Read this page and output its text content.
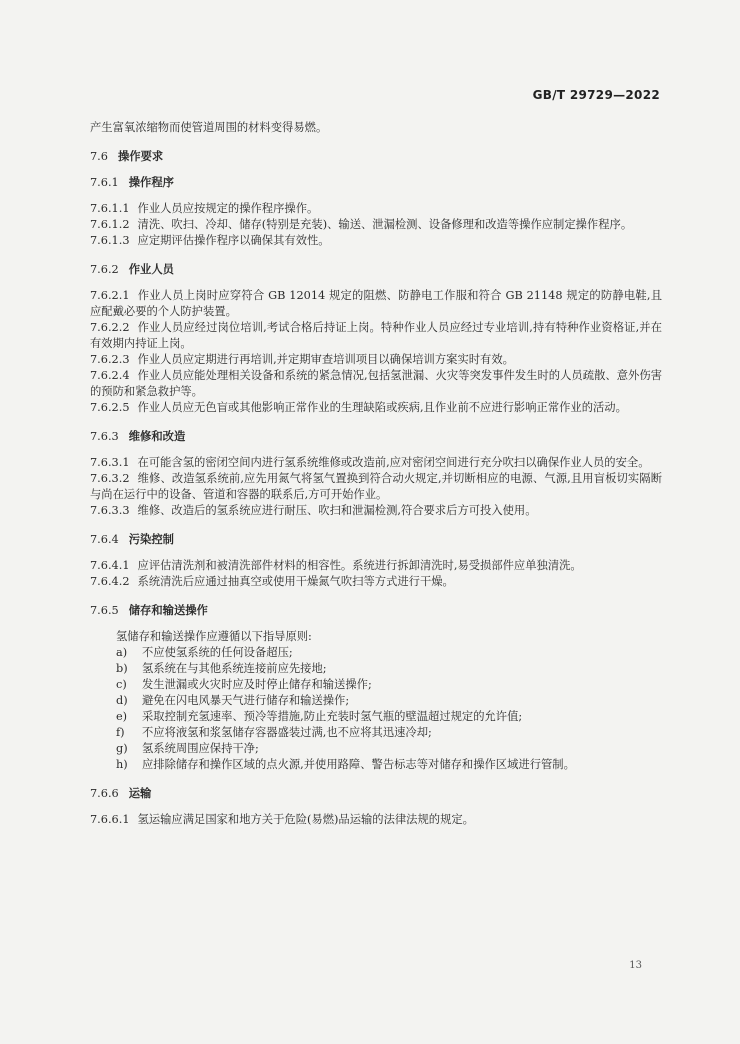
GB/T 29729—2022

产生富氧浓缩物而使管道周围的材料变得易燃。

7.6 操作要求

7.6.1 操作程序

7.6.1.1 作业人员应按规定的操作程序操作。

7.6.1.2 清洗、吹扫、冷却、储存(特别是充装)、输送、泄漏检测、设备修理和改造等操作应制定操作程序。

7.6.1.3 应定期评估操作程序以确保其有效性。

7.6.2 作业人员

7.6.2.1 作业人员上岗时应穿符合 GB 12014 规定的阻燃、防静电工作服和符合 GB 21148 规定的防静电鞋,且应配戴必要的个人防护装置。

7.6.2.2 作业人员应经过岗位培训,考试合格后持证上岗。特种作业人员应经过专业培训,持有特种作业资格证,并在有效期内持证上岗。

7.6.2.3 作业人员应定期进行再培训,并定期审查培训项目以确保培训方案实时有效。

7.6.2.4 作业人员应能处理相关设备和系统的紧急情况,包括氢泄漏、火灾等突发事件发生时的人员疏散、意外伤害的预防和紧急救护等。

7.6.2.5 作业人员应无色盲或其他影响正常作业的生理缺陷或疾病,且作业前不应进行影响正常作业的活动。

7.6.3 维修和改造

7.6.3.1 在可能含氢的密闭空间内进行氢系统维修或改造前,应对密闭空间进行充分吹扫以确保作业人员的安全。

7.6.3.2 维修、改造氢系统前,应先用氮气将氢气置换到符合动火规定,并切断相应的电源、气源,且用盲板切实隔断与尚在运行中的设备、管道和容器的联系后,方可开始作业。

7.6.3.3 维修、改造后的氢系统应进行耐压、吹扫和泄漏检测,符合要求后方可投入使用。

7.6.4 污染控制

7.6.4.1 应评估清洗剂和被清洗部件材料的相容性。系统进行拆卸清洗时,易受损部件应单独清洗。

7.6.4.2 系统清洗后应通过抽真空或使用干燥氮气吹扫等方式进行干燥。

7.6.5 储存和输送操作

氢储存和输送操作应遵循以下指导原则:

a)	不应使氢系统的任何设备超压;
b)	氢系统在与其他系统连接前应先接地;
c)	发生泄漏或火灾时应及时停止储存和输送操作;
d)	避免在闪电风暴天气进行储存和输送操作;
e)	采取控制充氢速率、预冷等措施,防止充装时氢气瓶的壁温超过规定的允许值;
f)	不应将液氢和浆氢储存容器盛装过满,也不应将其迅速冷却;
g)	氢系统周围应保持干净;
h)	应排除储存和操作区域的点火源,并使用路障、警告标志等对储存和操作区域进行管制。

7.6.6 运输

7.6.6.1 氢运输应满足国家和地方关于危险(易燃)品运输的法律法规的规定。

13
